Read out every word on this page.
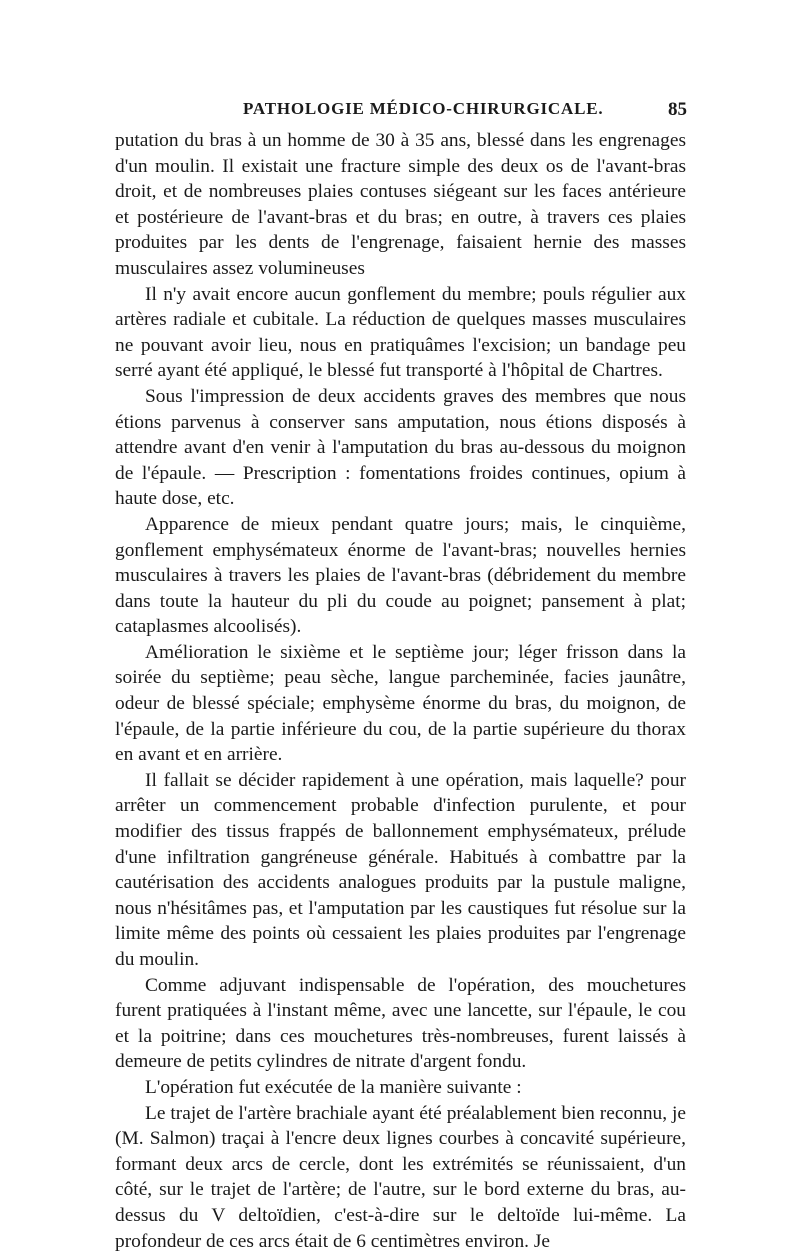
PATHOLOGIE MÉDICO-CHIRURGICALE.	85

putation du bras à un homme de 30 à 35 ans, blessé dans les engrenages d'un moulin. Il existait une fracture simple des deux os de l'avant-bras droit, et de nombreuses plaies contuses siégeant sur les faces antérieure et postérieure de l'avant-bras et du bras; en outre, à travers ces plaies produites par les dents de l'engrenage, faisaient hernie des masses musculaires assez volumineuses

Il n'y avait encore aucun gonflement du membre; pouls régulier aux artères radiale et cubitale. La réduction de quelques masses musculaires ne pouvant avoir lieu, nous en pratiquâmes l'excision; un bandage peu serré ayant été appliqué, le blessé fut transporté à l'hôpital de Chartres.

Sous l'impression de deux accidents graves des membres que nous étions parvenus à conserver sans amputation, nous étions disposés à attendre avant d'en venir à l'amputation du bras au-dessous du moignon de l'épaule. — Prescription : fomentations froides continues, opium à haute dose, etc.

Apparence de mieux pendant quatre jours; mais, le cinquième, gonflement emphysémateux énorme de l'avant-bras; nouvelles hernies musculaires à travers les plaies de l'avant-bras (débridement du membre dans toute la hauteur du pli du coude au poignet; pansement à plat; cataplasmes alcoolisés).

Amélioration le sixième et le septième jour; léger frisson dans la soirée du septième; peau sèche, langue parcheminée, facies jaunâtre, odeur de blessé spéciale; emphysème énorme du bras, du moignon, de l'épaule, de la partie inférieure du cou, de la partie supérieure du thorax en avant et en arrière.

Il fallait se décider rapidement à une opération, mais laquelle? pour arrêter un commencement probable d'infection purulente, et pour modifier des tissus frappés de ballonnement emphysémateux, prélude d'une infiltration gangréneuse générale. Habitués à combattre par la cautérisation des accidents analogues produits par la pustule maligne, nous n'hésitâmes pas, et l'amputation par les caustiques fut résolue sur la limite même des points où cessaient les plaies produites par l'engrenage du moulin.

Comme adjuvant indispensable de l'opération, des mouchetures furent pratiquées à l'instant même, avec une lancette, sur l'épaule, le cou et la poitrine; dans ces mouchetures très-nombreuses, furent laissés à demeure de petits cylindres de nitrate d'argent fondu.

L'opération fut exécutée de la manière suivante :

Le trajet de l'artère brachiale ayant été préalablement bien reconnu, je (M. Salmon) traçai à l'encre deux lignes courbes à concavité supérieure, formant deux arcs de cercle, dont les extrémités se réunissaient, d'un côté, sur le trajet de l'artère; de l'autre, sur le bord externe du bras, au-dessus du V deltoïdien, c'est-à-dire sur le deltoïde lui-même. La profondeur de ces arcs était de 6 centimètres environ. Je
